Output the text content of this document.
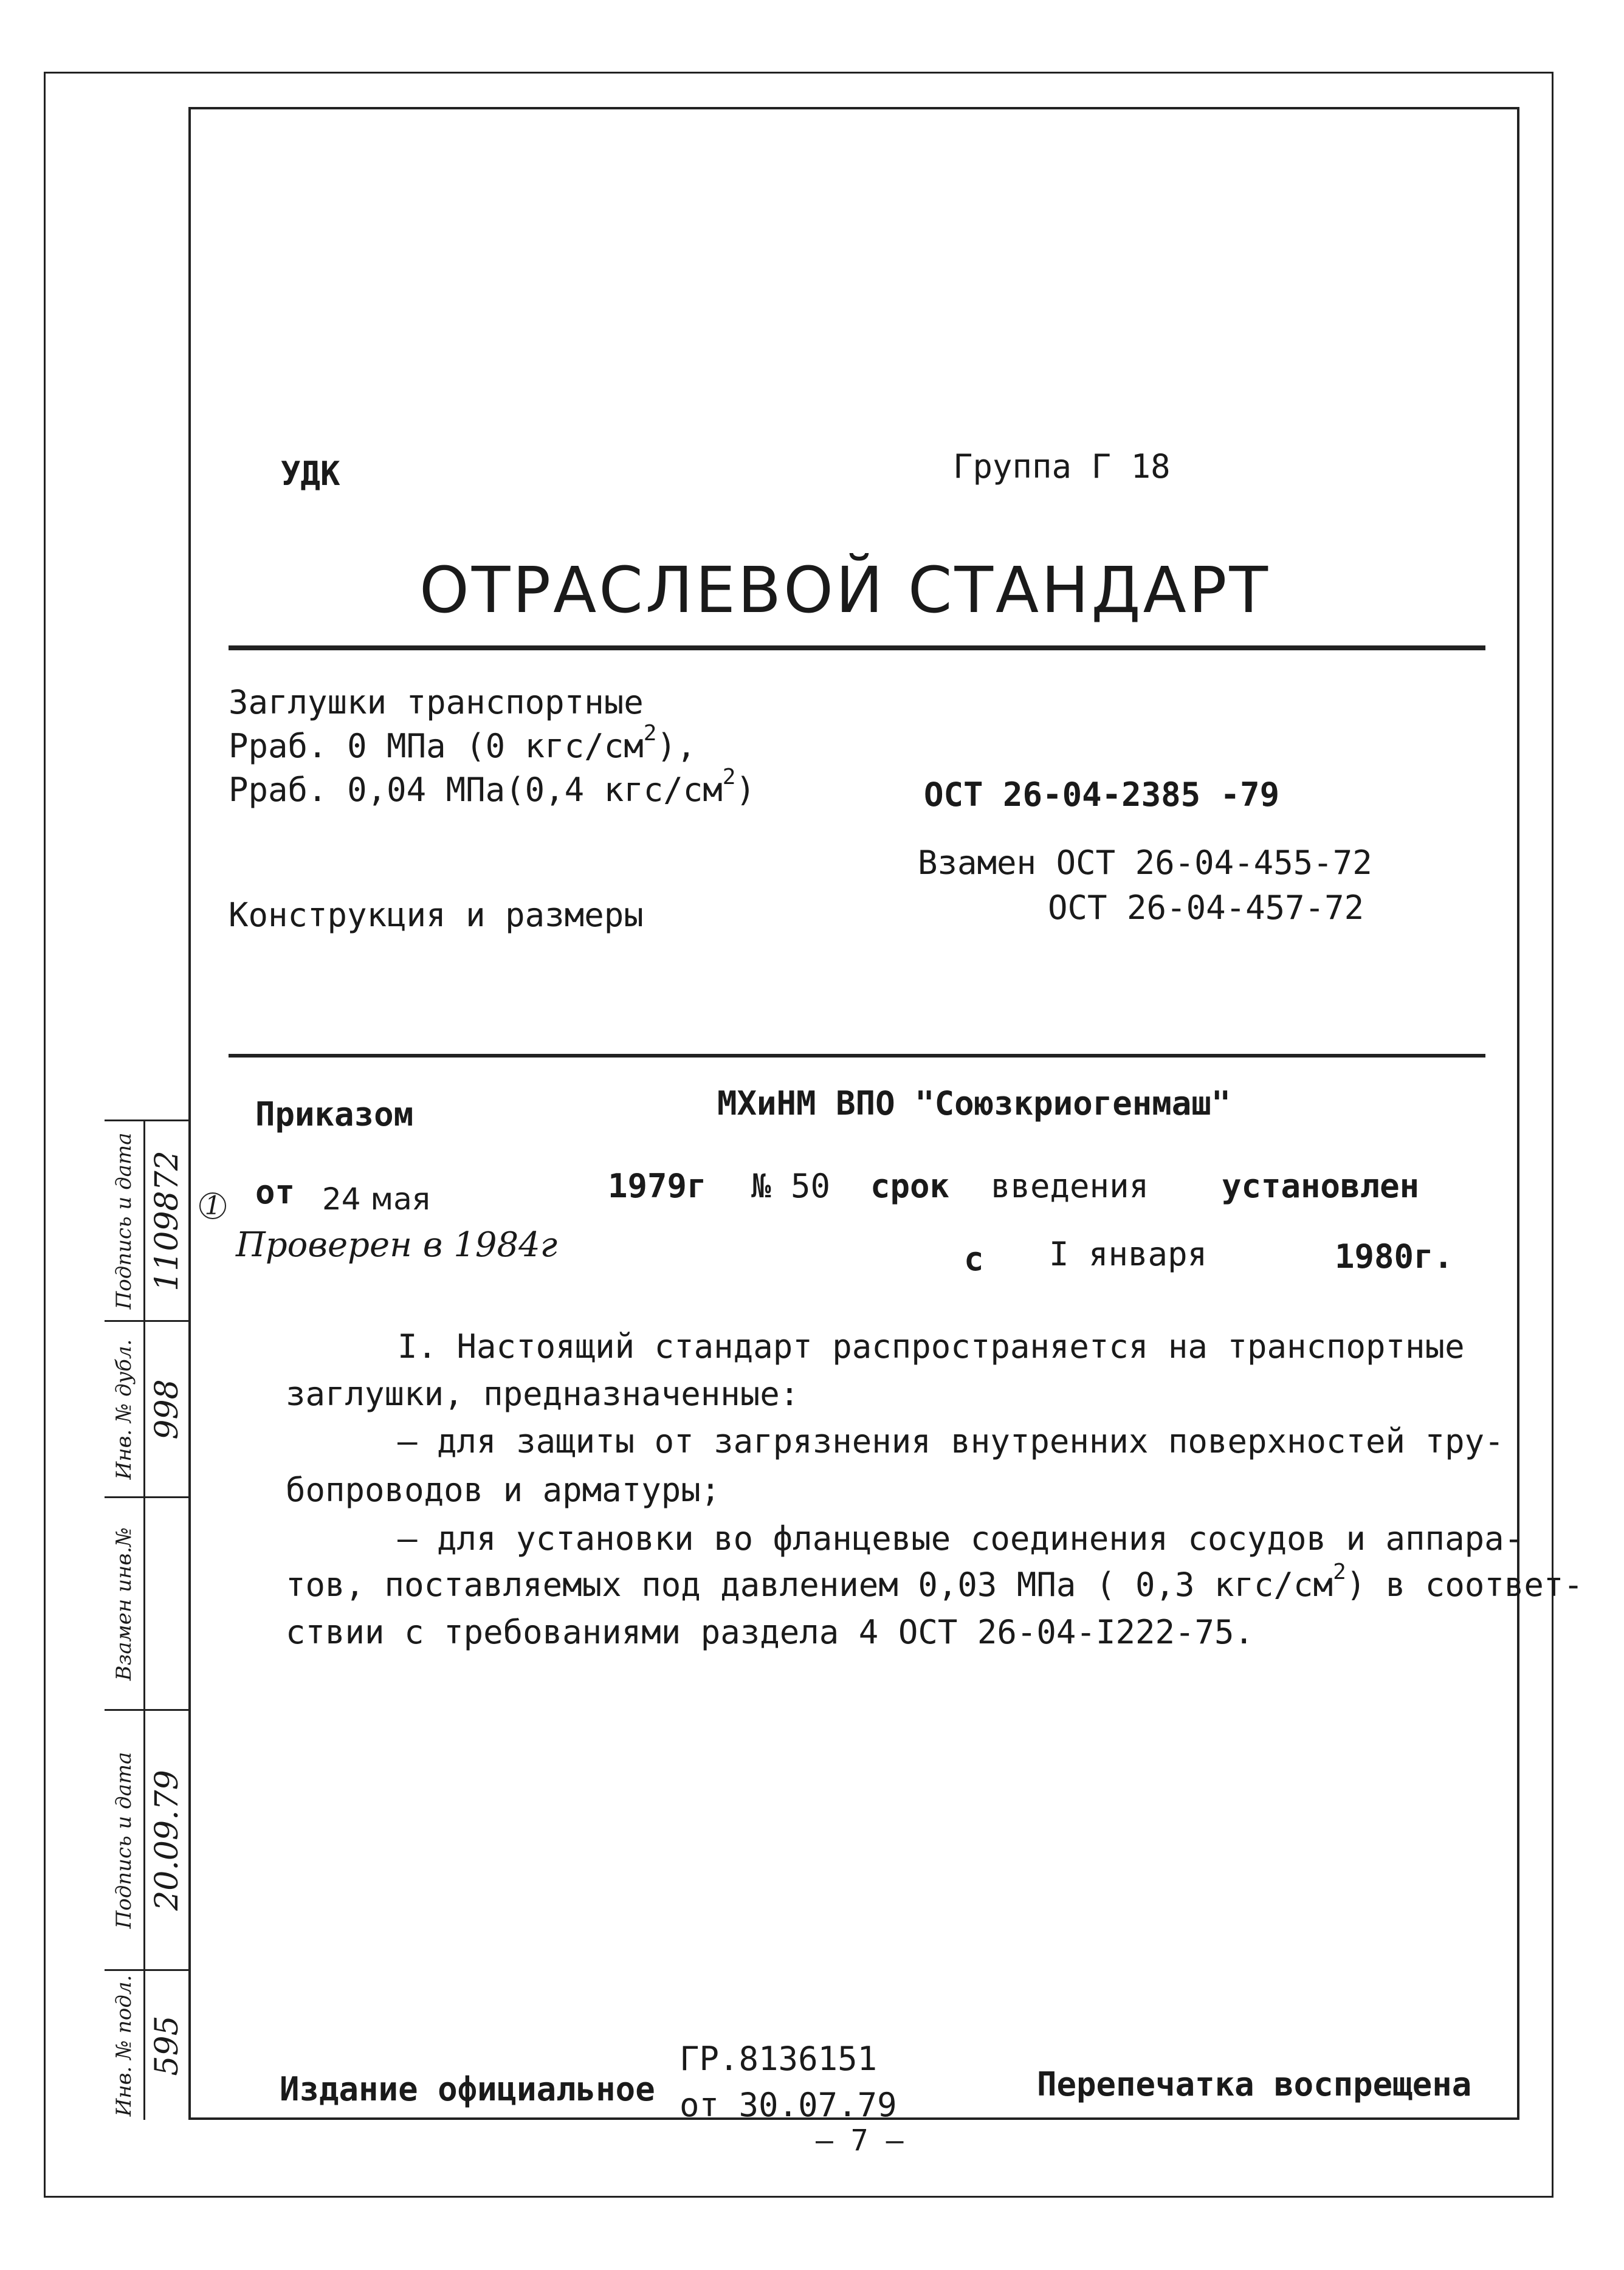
УДК	Группа Г 18
ОТРАСЛЕВОЙ СТАНДАРТ
Заглушки транспортные
Рраб. 0 МПа (0 кгс/$см^2$),
Рраб. 0,04 МПа(0,4 кгс/$см^2$)
Конструкция и размеры
ОСТ 26-04-2385 -79
Взамен ОСТ 26-04-455-72
ОСТ 26-04-457-72
Приказом	МХиНМ ВПО "Союзкриогенмаш"
1 от 24 мая	1979г № 50 срок введения установлен
Проверен в 1984г	с I января	1980г.
I. Настоящий стандарт распространяется на транспортные
заглушки, предназначенные:
– для защиты от загрязнения внутренних поверхностей тру-
бопроводов и арматуры;
– для установки во фланцевые соединения сосудов и аппара-
тов, поставляемых под давлением 0,03 МПа ( 0,3 кгс/$см^2$) в соответ-
ствии с требованиями раздела 4 ОСТ 26-04-I222-75.
Издание официальное
ГР.8136151
от 30.07.79
Перепечатка воспрещена
– 7 –
Подпись и дата 1109872
Инв. № дубл. 998
Взамен инв.№
Подпись и дата 20.09.79
Инв. № подл. 595
